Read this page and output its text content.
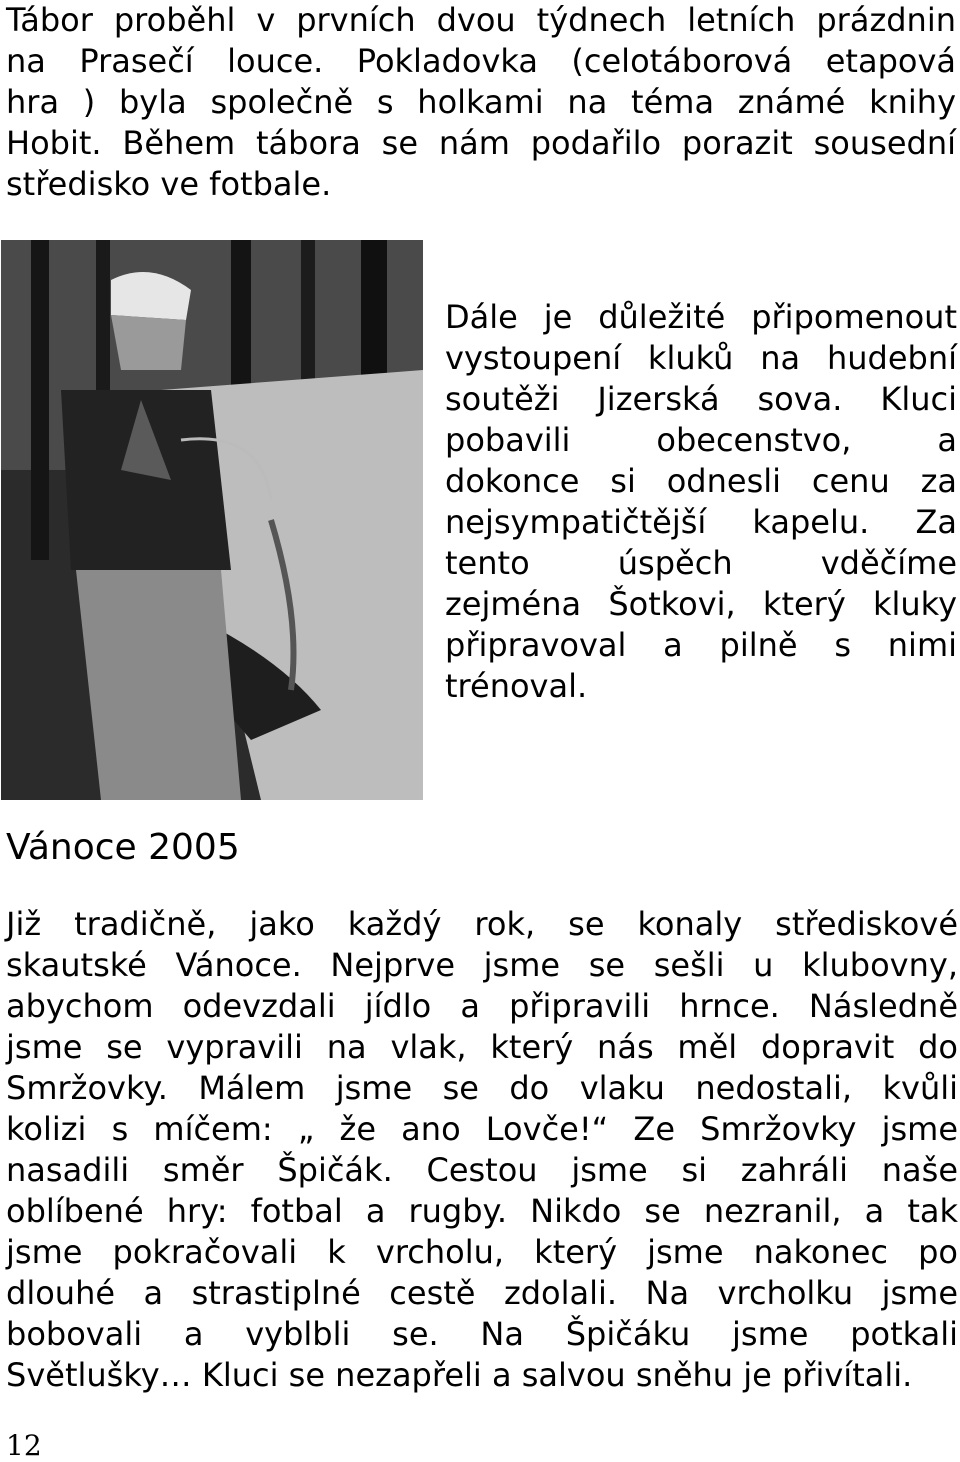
Tábor proběhl v prvních dvou týdnech letních prázdnin
na Prasečí loucе. Pokladovka (celotáborová etapová
hra ) byla společně s holkami na téma známé knihy
Hobit. Během tábora se nám podařilo porazit sousední
středisko ve fotbale.
Dále je důležité připomenout
vystoupení kluků na hudební
soutěži Jizerská sova. Kluci
pobavili obecenstvo, a
dokonce si odnesli cenu za
nejsympatičtější kapelu. Za
tento úspěch vděčíme
zejména Šotkovi, který kluky
připravoval a pilně s nimi
trénoval.
Vánoce 2005
Již tradičně, jako každý rok, se konaly střediskové
skautské Vánoce. Nejprve jsme se sešli u klubovny,
abychom odevzdali jídlo a připravili hrnce. Následně
jsme se vypravili na vlak, který nás měl dopravit do
Smržovky. Málem jsme se do vlaku nedostali, kvůli
kolizi s míčem: „ že ano Lovče!“ Ze Smržovky jsme
nasadili směr Špičák. Cestou jsme si zahráli naše
oblíbené hry: fotbal a rugby. Nikdo se nezranil, a tak
jsme pokračovali k vrcholu, který jsme nakonec po
dlouhé a strastiplné cestě zdolali. Na vrcholku jsme
bobovali a vyblbli se. Na Špičáku jsme potkali
Světlušky… Kluci se nezapřeli a salvou sněhu je přivítali.
12
